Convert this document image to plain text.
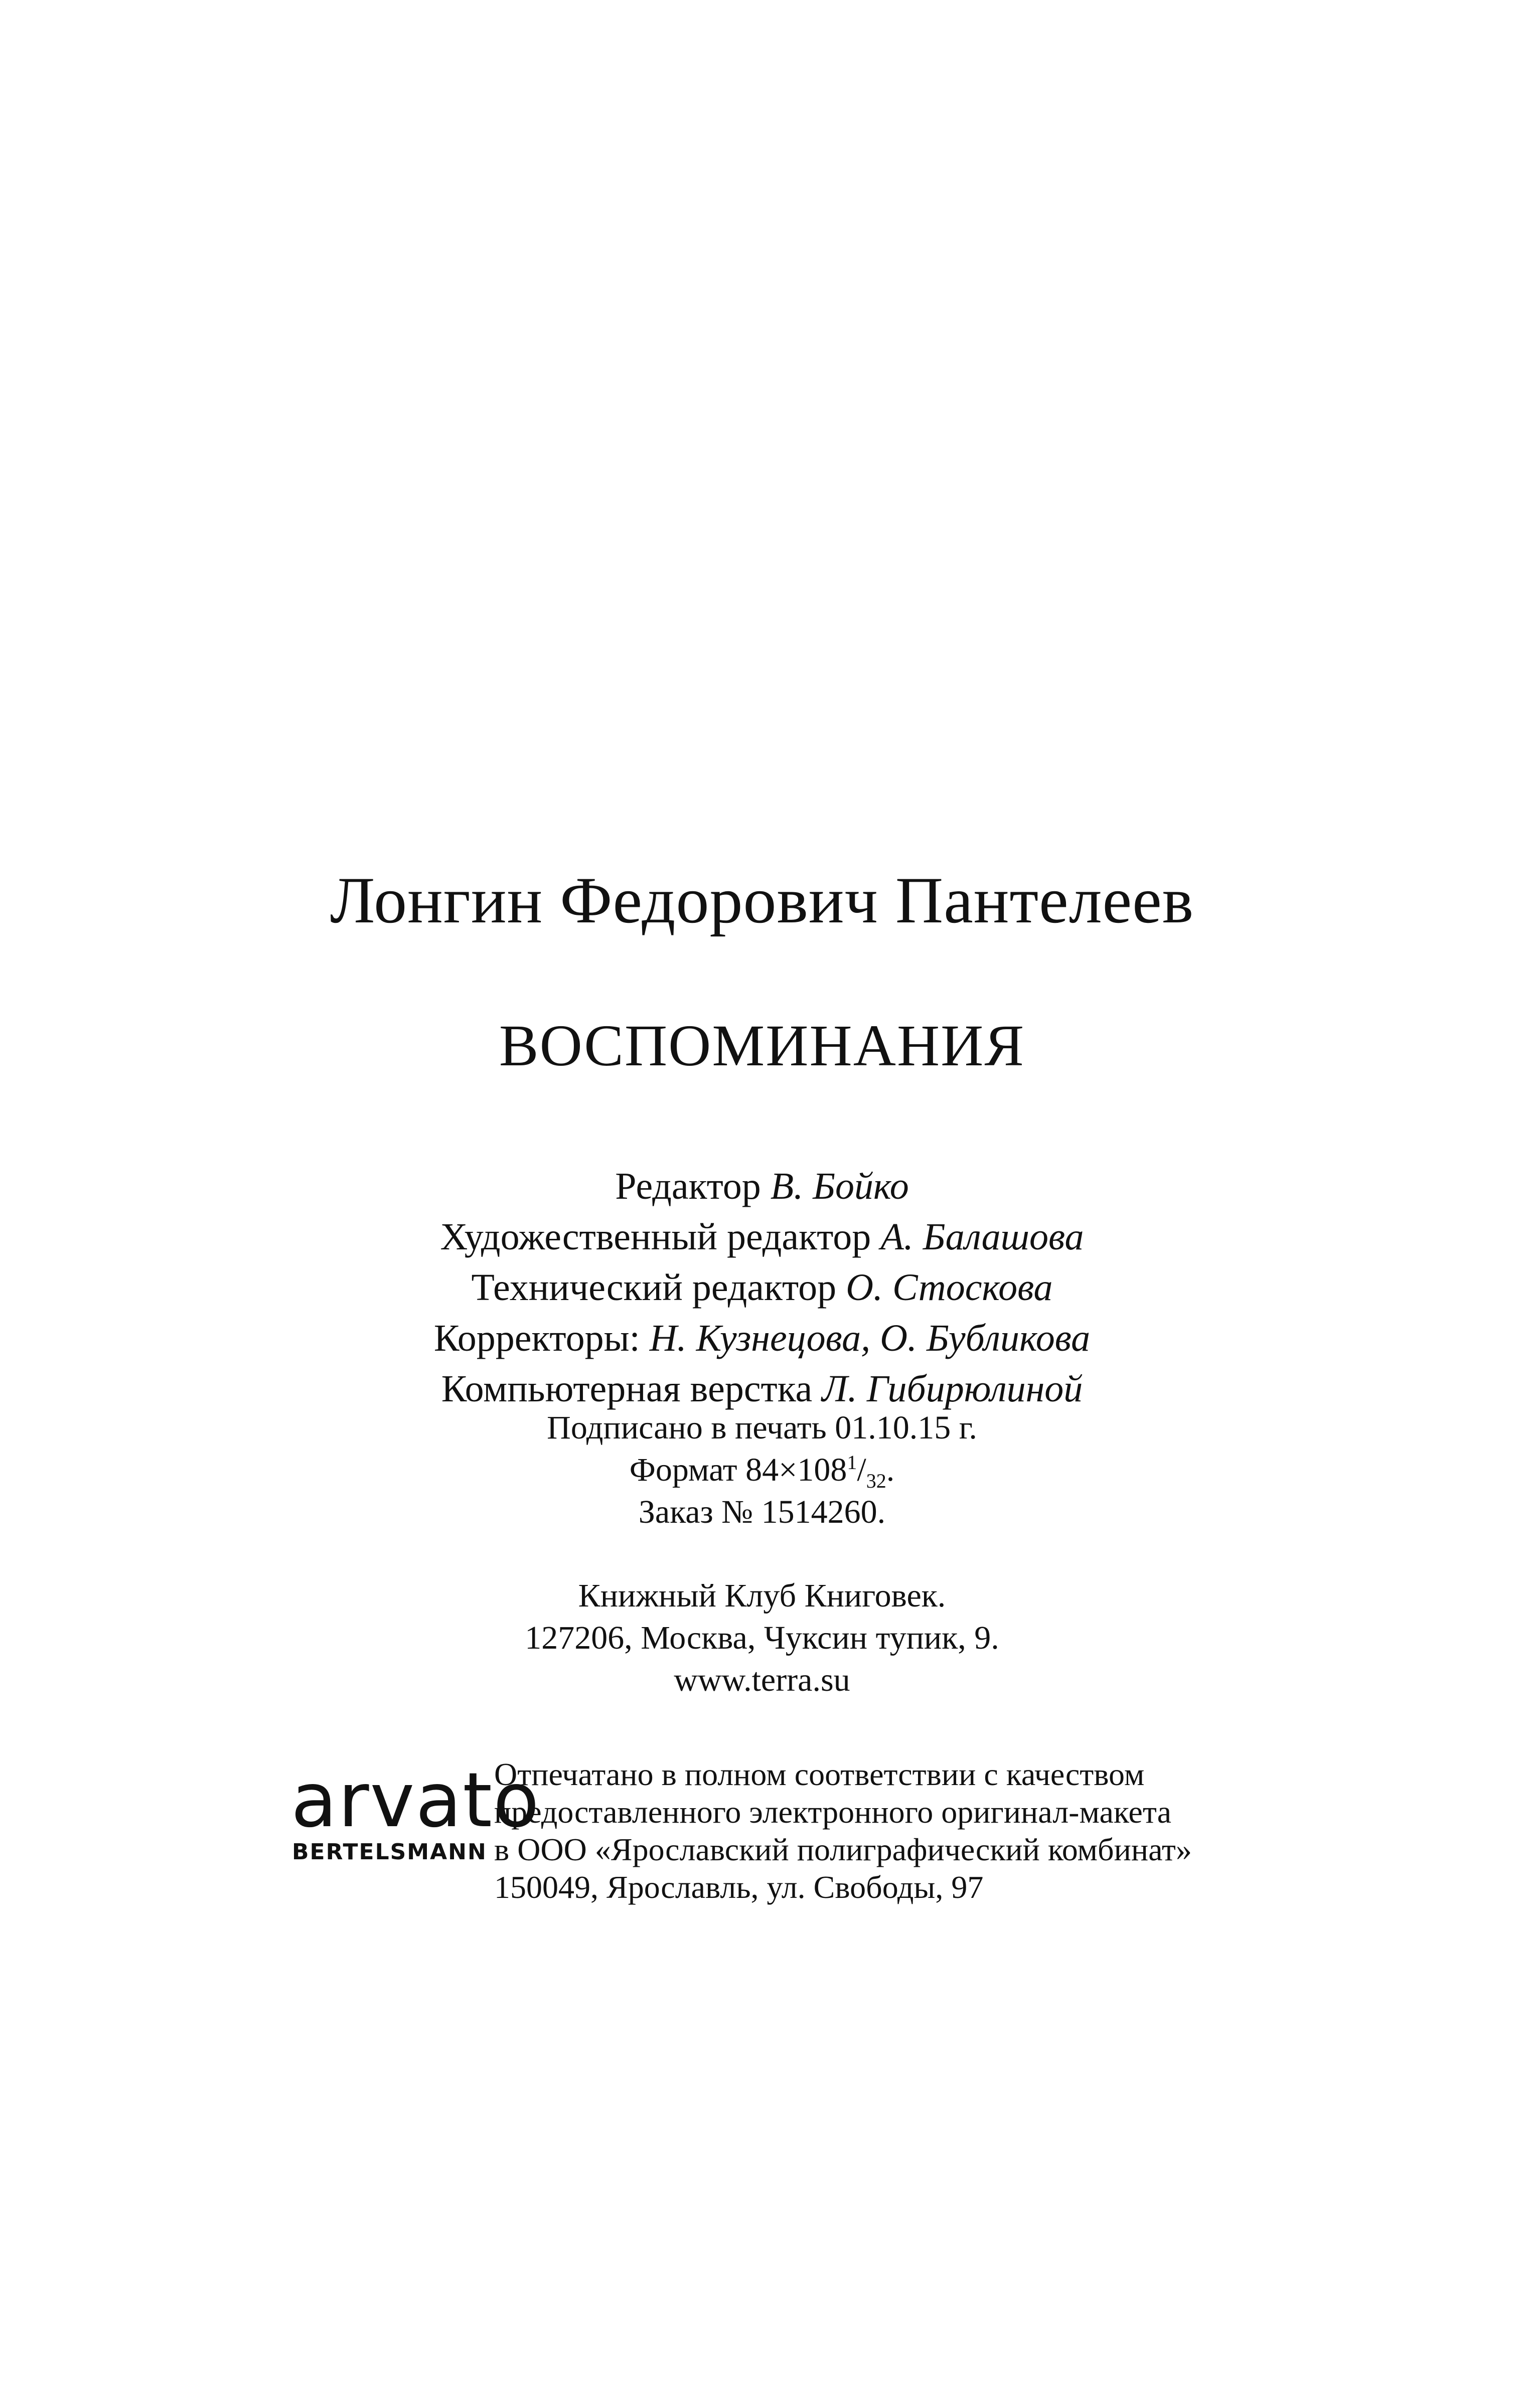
Лонгин Федорович Пантелеев
ВОСПОМИНАНИЯ
Редактор В. Бойко
Художественный редактор А. Балашова
Технический редактор О. Стоскова
Корректоры: Н. Кузнецова, О. Бубликова
Компьютерная верстка Л. Гибирюлиной
Подписано в печать 01.10.15 г.
Формат $84\times 108^1/_{32}$.
Заказ № 1514260.
Книжный Клуб Книговек.
127206, Москва, Чуксин тупик, 9.
www.terra.su
arvato
BERTELSMANN
Отпечатано в полном соответствии с качеством
предоставленного электронного оригинал-макета
в ООО «Ярославский полиграфический комбинат»
150049, Ярославль, ул. Свободы, 97
